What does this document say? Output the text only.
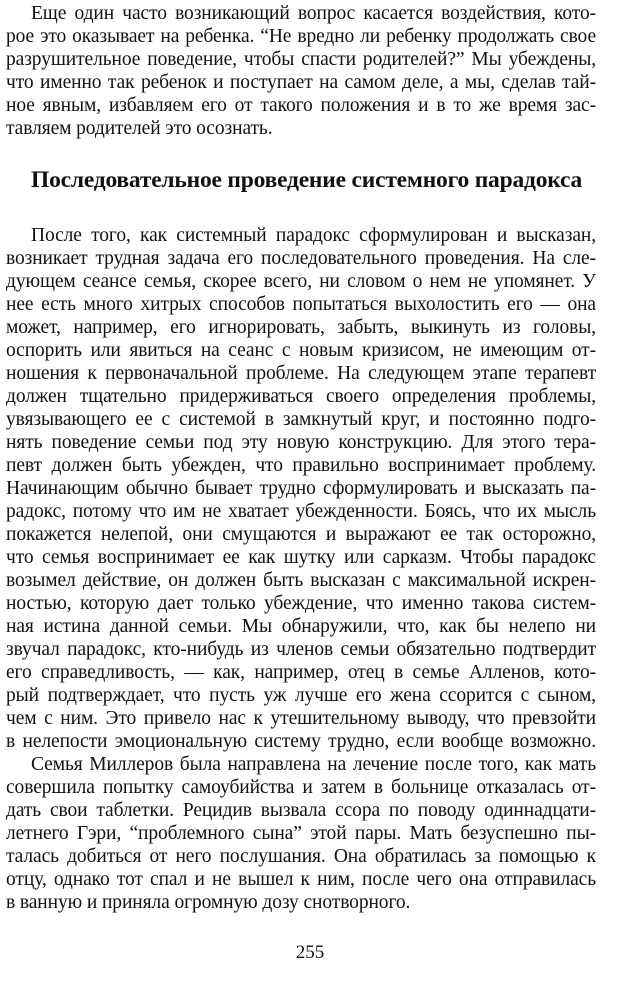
Еще один часто возникающий вопрос касается воздействия, кото-
рое это оказывает на ребенка. “Не вредно ли ребенку продолжать свое
разрушительное поведение, чтобы спасти родителей?” Мы убеждены,
что именно так ребенок и поступает на самом деле, а мы, сделав тай-
ное явным, избавляем его от такого положения и в то же время зас-
тавляем родителей это осознать.
Последовательное проведение системного парадокса
После того, как системный парадокс сформулирован и высказан,
возникает трудная задача его последовательного проведения. На сле-
дующем сеансе семья, скорее всего, ни словом о нем не упомянет. У
нее есть много хитрых способов попытаться выхолостить его — она
может, например, его игнорировать, забыть, выкинуть из головы,
оспорить или явиться на сеанс с новым кризисом, не имеющим от-
ношения к первоначальной проблеме. На следующем этапе терапевт
должен тщательно придерживаться своего определения проблемы,
увязывающего ее с системой в замкнутый круг, и постоянно подго-
нять поведение семьи под эту новую конструкцию. Для этого тера-
певт должен быть убежден, что правильно воспринимает проблему.
Начинающим обычно бывает трудно сформулировать и высказать па-
радокс, потому что им не хватает убежденности. Боясь, что их мысль
покажется нелепой, они смущаются и выражают ее так осторожно,
что семья воспринимает ее как шутку или сарказм. Чтобы парадокс
возымел действие, он должен быть высказан с максимальной искрен-
ностью, которую дает только убеждение, что именно такова систем-
ная истина данной семьи. Мы обнаружили, что, как бы нелепо ни
звучал парадокс, кто-нибудь из членов семьи обязательно подтвердит
его справедливость, — как, например, отец в семье Алленов, кото-
рый подтверждает, что пусть уж лучше его жена ссорится с сыном,
чем с ним. Это привело нас к утешительному выводу, что превзойти
в нелепости эмоциональную систему трудно, если вообще возможно.
Семья Миллеров была направлена на лечение после того, как мать
совершила попытку самоубийства и затем в больнице отказалась от-
дать свои таблетки. Рецидив вызвала ссора по поводу одиннадцати-
летнего Гэри, “проблемного сына” этой пары. Мать безуспешно пы-
талась добиться от него послушания. Она обратилась за помощью к
отцу, однако тот спал и не вышел к ним, после чего она отправилась
в ванную и приняла огромную дозу снотворного.
255
